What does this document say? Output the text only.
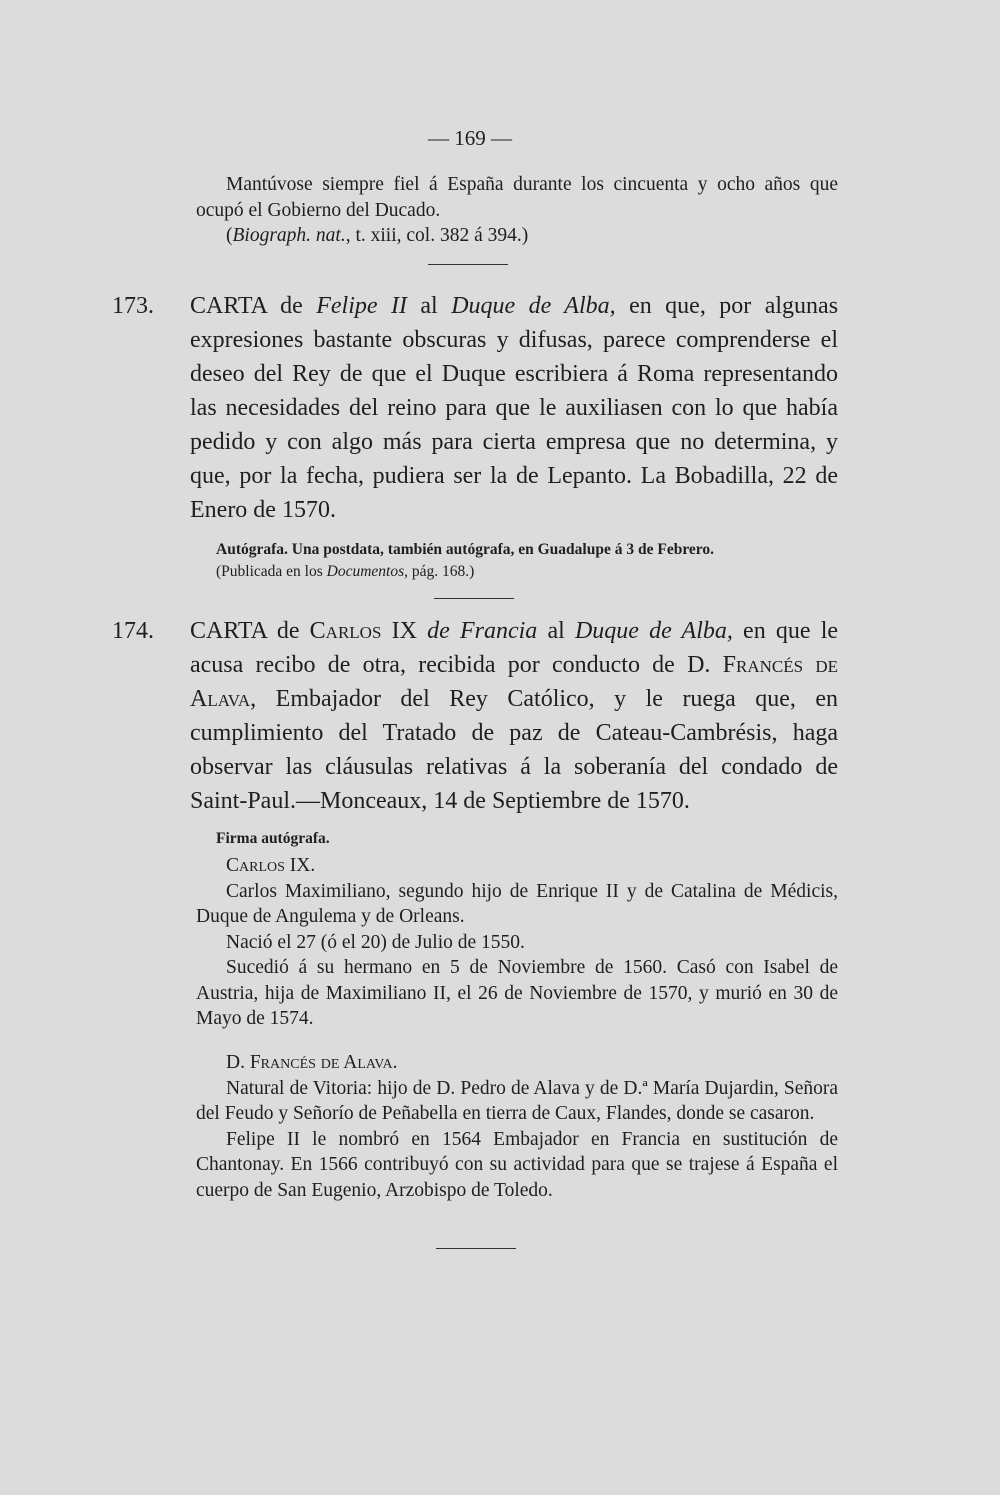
— 169 —

Mantúvose siempre fiel á España durante los cincuenta y ocho años que ocupó el Gobierno del Ducado.

(Biograph. nat., t. xiii, col. 382 á 394.)

173. CARTA de Felipe II al Duque de Alba, en que, por algunas expresiones bastante obscuras y difusas, parece comprenderse el deseo del Rey de que el Duque escribiera á Roma representando las necesidades del reino para que le auxiliasen con lo que había pedido y con algo más para cierta empresa que no determina, y que, por la fecha, pudiera ser la de Lepanto. La Bobadilla, 22 de Enero de 1570.

Autógrafa. Una postdata, también autógrafa, en Guadalupe á 3 de Febrero.

(Publicada en los Documentos, pág. 168.)

174. CARTA de Carlos IX de Francia al Duque de Alba, en que le acusa recibo de otra, recibida por conducto de D. Francés de Alava, Embajador del Rey Católico, y le ruega que, en cumplimiento del Tratado de paz de Cateau-Cambrésis, haga observar las cláusulas relativas á la soberanía del condado de Saint-Paul.—Monceaux, 14 de Septiembre de 1570.

Firma autógrafa.

Carlos IX.

Carlos Maximiliano, segundo hijo de Enrique II y de Catalina de Médicis, Duque de Angulema y de Orleans.

Nació el 27 (ó el 20) de Julio de 1550.

Sucedió á su hermano en 5 de Noviembre de 1560. Casó con Isabel de Austria, hija de Maximiliano II, el 26 de Noviembre de 1570, y murió en 30 de Mayo de 1574.

D. Francés de Alava.

Natural de Vitoria: hijo de D. Pedro de Alava y de D.ª María Dujardin, Señora del Feudo y Señorío de Peñabella en tierra de Caux, Flandes, donde se casaron.

Felipe II le nombró en 1564 Embajador en Francia en sustitución de Chantonay. En 1566 contribuyó con su actividad para que se trajese á España el cuerpo de San Eugenio, Arzobispo de Toledo.
